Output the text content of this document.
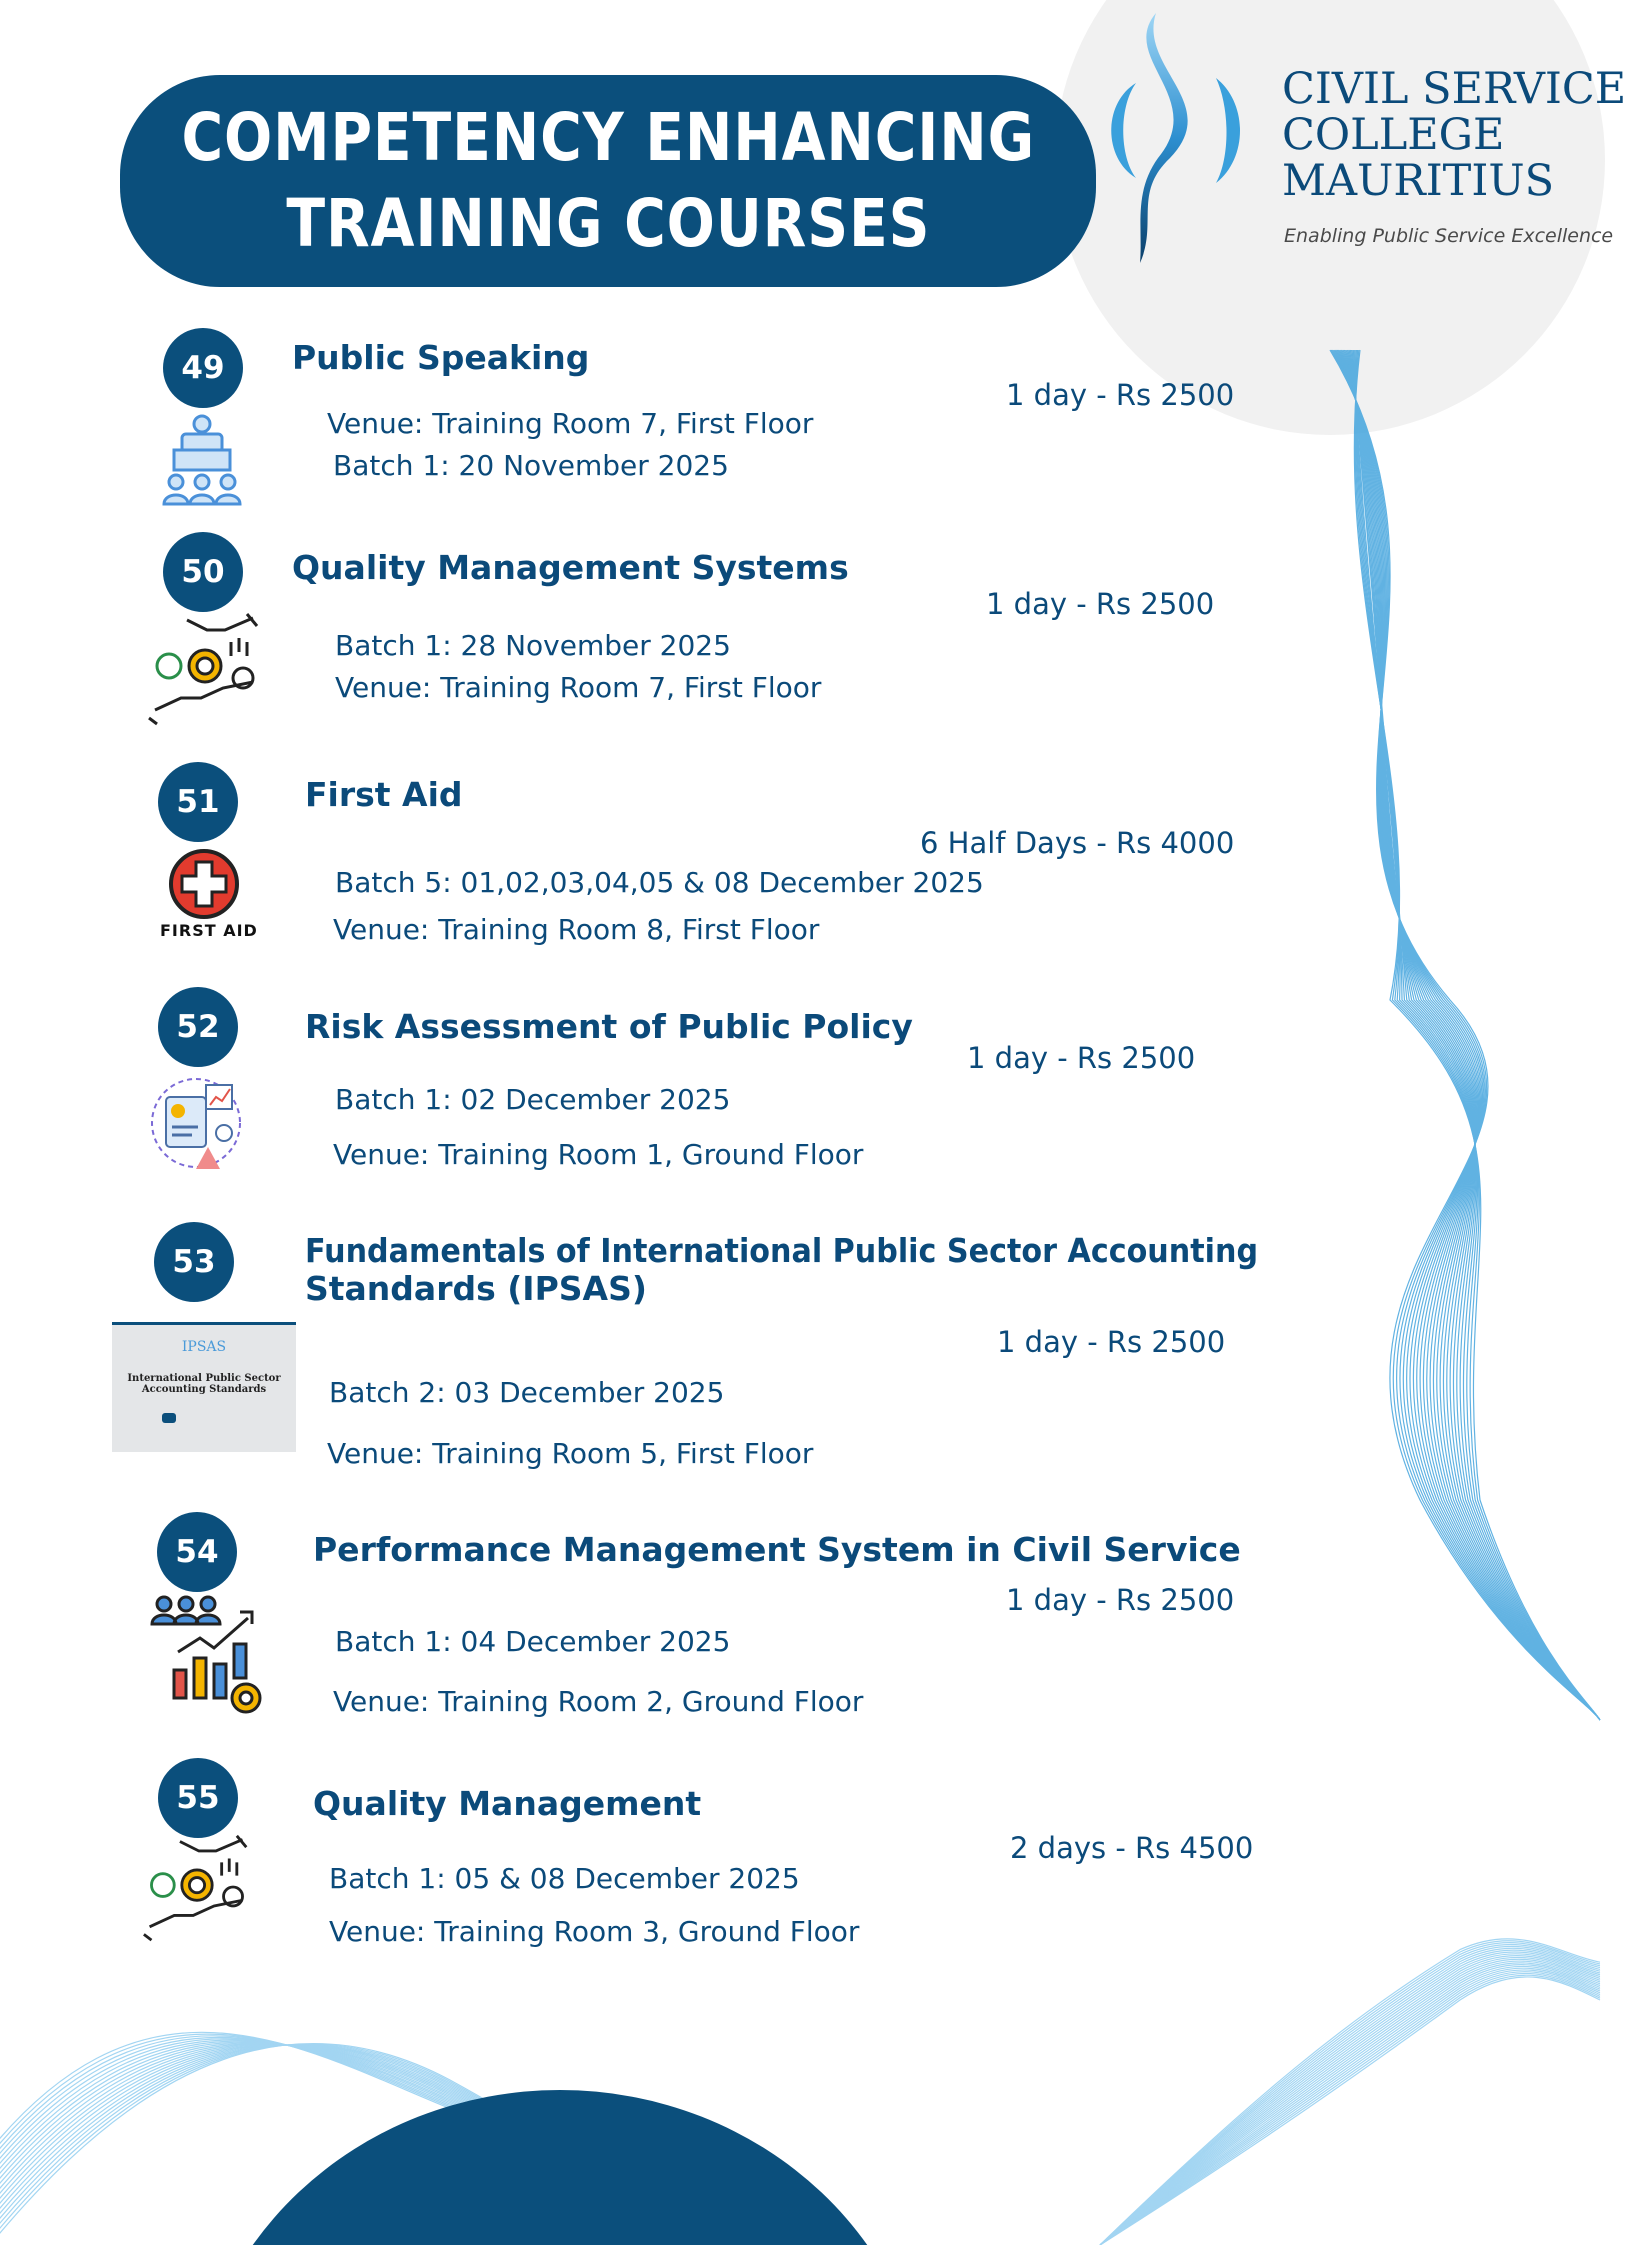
COMPETENCY ENHANCING
TRAINING COURSES
CIVIL SERVICE
COLLEGE
MAURITIUS
Enabling Public Service Excellence
49	Public Speaking
Venue: Training Room 7, First Floor
Batch 1: 20 November 2025
1 day - Rs 2500
50	Quality Management Systems
Batch 1: 28 November 2025
Venue: Training Room 7, First Floor
1 day - Rs 2500
51
FIRST AID
First Aid
6 Half Days - Rs 4000
Batch 5: 01,02,03,04,05 & 08 December 2025
Venue: Training Room 8, First Floor
52	Risk Assessment of Public Policy
Batch 1: 02 December 2025
Venue: Training Room 1, Ground Floor
1 day - Rs 2500
53
IPSAS
International Public Sector
Accounting Standards
Fundamentals of International Public Sector Accounting
Standards (IPSAS)
1 day - Rs 2500
Batch 2: 03 December 2025
Venue: Training Room 5, First Floor
54	Performance Management System in Civil Service
1 day - Rs 2500
Batch 1: 04 December 2025
Venue: Training Room 2, Ground Floor
55	Quality Management
2 days - Rs 4500
Batch 1: 05 & 08 December 2025
Venue: Training Room 3, Ground Floor
